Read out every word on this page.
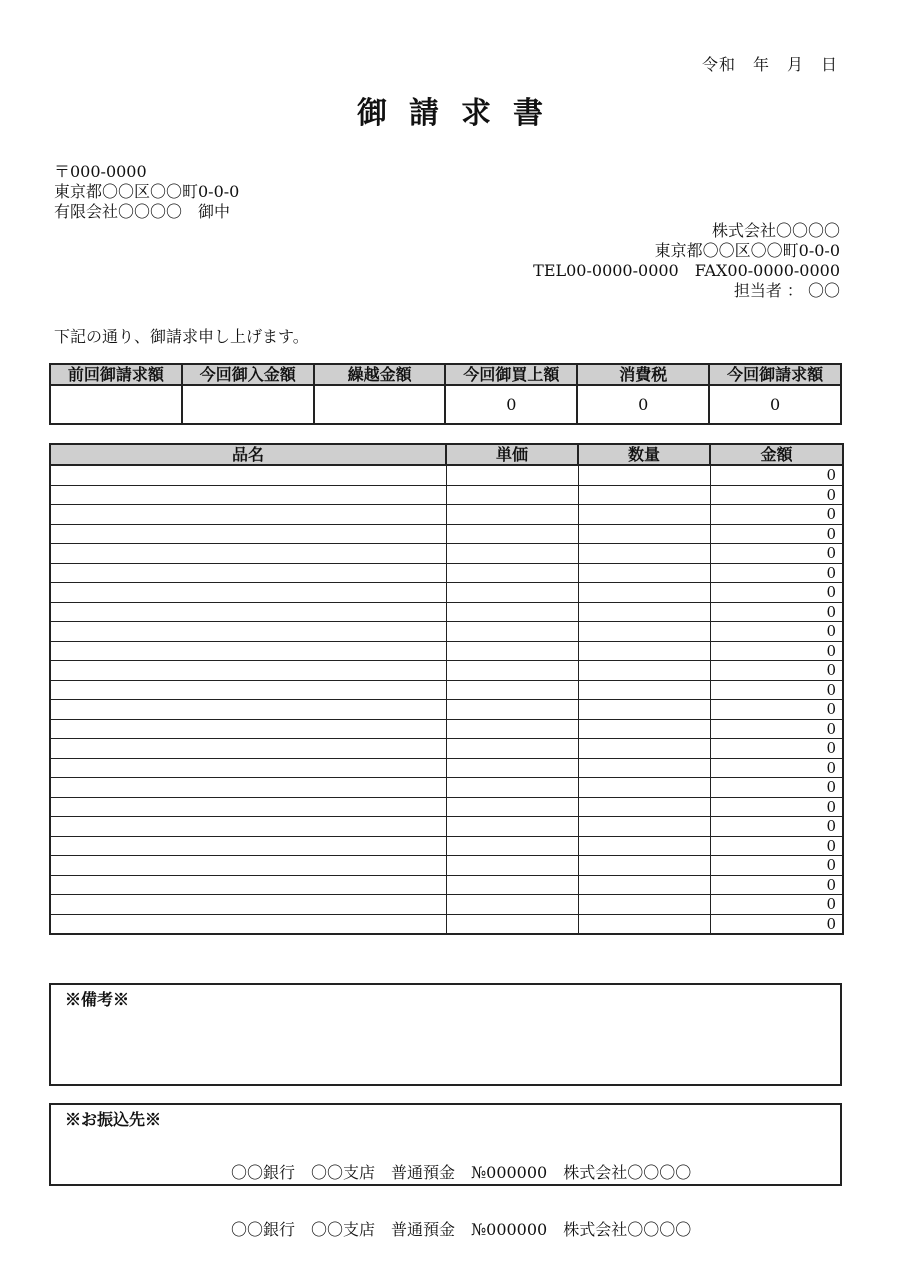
令和　年　月　日
御請求書
〒000-0000
東京都〇〇区〇〇町0-0-0
有限会社〇〇〇〇　御中
株式会社〇〇〇〇
東京都〇〇区〇〇町0-0-0
TEL00-0000-0000　FAX00-0000-0000
担当者 ： 〇〇
下記の通り、御請求申し上げます。
前回御請求額	今回御入金額	繰越金額	今回御買上額	消費税	今回御請求額
			0	0	0
品名	単価	数量	金額
			0
			0
			0
			0
			0
			0
			0
			0
			0
			0
			0
			0
			0
			0
			0
			0
			0
			0
			0
			0
			0
			0
			0
			0
※備考※
※お振込先※

〇〇銀行　〇〇支店　普通預金　№000000　株式会社〇〇〇〇

〇〇銀行　〇〇支店　普通預金　№000000　株式会社〇〇〇〇
